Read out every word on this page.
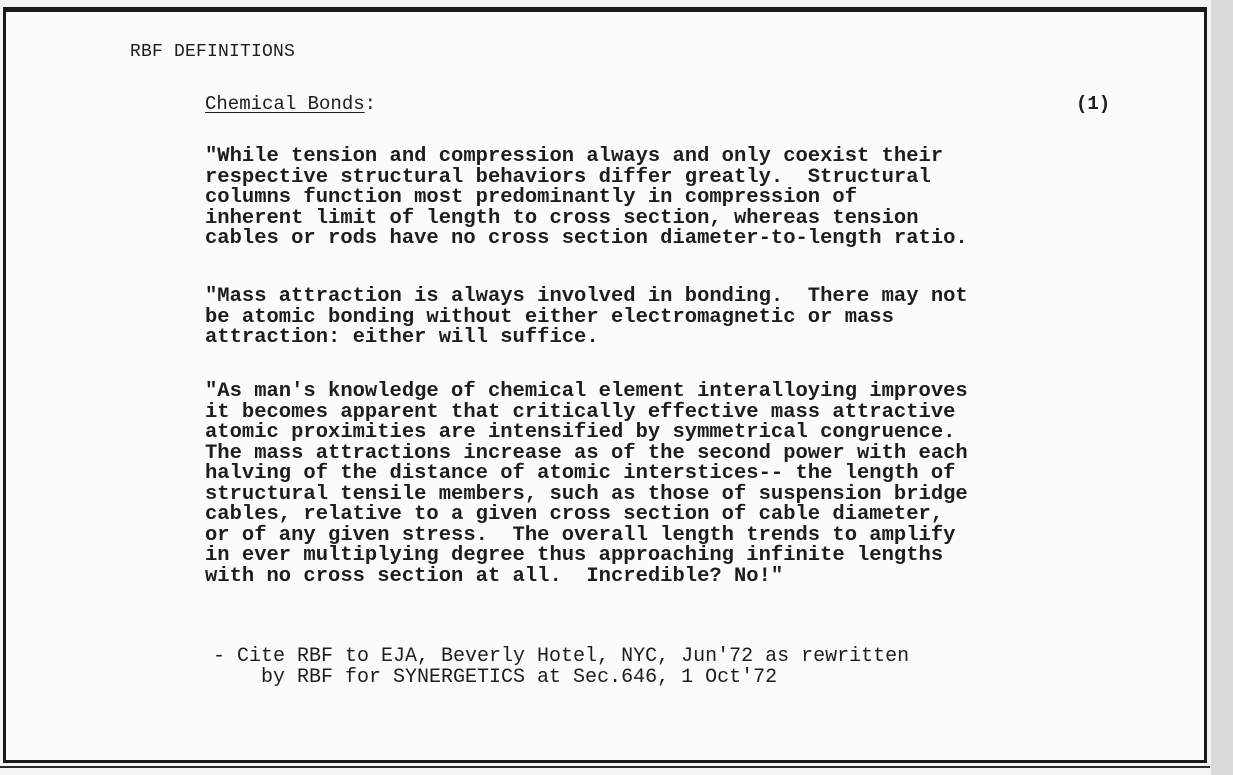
RBF DEFINITIONS
Chemical Bonds:	(1)

"While tension and compression always and only coexist their
respective structural behaviors differ greatly.  Structural
columns function most predominantly in compression of
inherent limit of length to cross section, whereas tension
cables or rods have no cross section diameter-to-length ratio.

"Mass attraction is always involved in bonding.  There may not
be atomic bonding without either electromagnetic or mass
attraction: either will suffice.

"As man's knowledge of chemical element interalloying improves
it becomes apparent that critically effective mass attractive
atomic proximities are intensified by symmetrical congruence.
The mass attractions increase as of the second power with each
halving of the distance of atomic interstices-- the length of
structural tensile members, such as those of suspension bridge
cables, relative to a given cross section of cable diameter,
or of any given stress.  The overall length trends to amplify
in ever multiplying degree thus approaching infinite lengths
with no cross section at all.  Incredible? No!"

- Cite RBF to EJA, Beverly Hotel, NYC, Jun'72 as rewritten
by RBF for SYNERGETICS at Sec.646, 1 Oct'72
